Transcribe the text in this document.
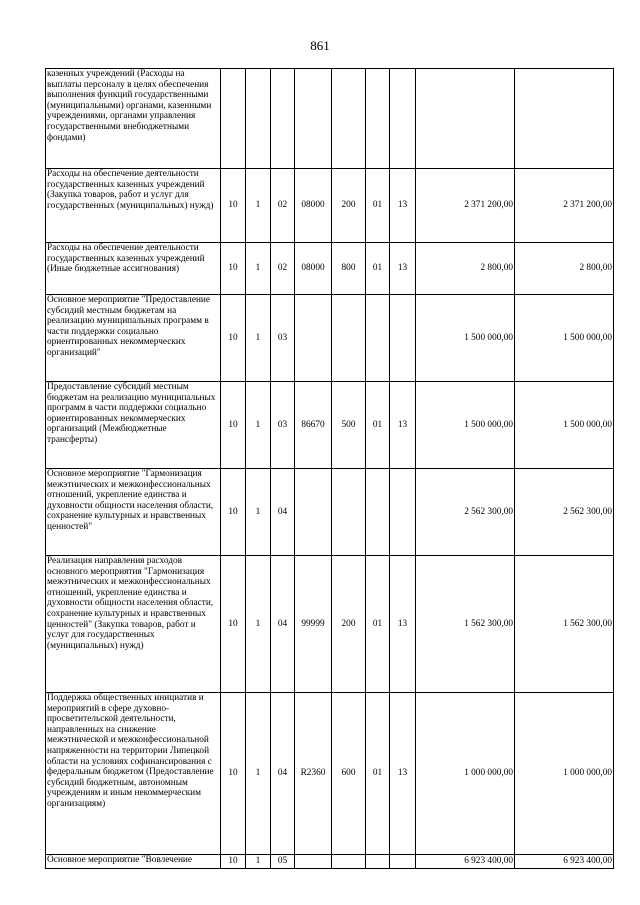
861
казенных учреждений (Расходы на выплаты персоналу в целях обеспечения выполнения функций государственными (муниципальными) органами, казенными учреждениями, органами управления государственными внебюджетными фондами)									
Расходы на обеспечение деятельности государственных казенных учреждений (Закупка товаров, работ и услуг для государственных (муниципальных) нужд)	10	1	02	08000	200	01	13	2 371 200,00	2 371 200,00
Расходы на обеспечение деятельности государственных казенных учреждений (Иные бюджетные ассигнования)	10	1	02	08000	800	01	13	2 800,00	2 800,00
Основное мероприятие "Предоставление субсидий местным бюджетам на реализацию муниципальных программ в части поддержки социально ориентированных некоммерческих организаций"	10	1	03					1 500 000,00	1 500 000,00
Предоставление субсидий местным бюджетам на реализацию муниципальных программ в части поддержки социально ориентированных некоммерческих организаций (Межбюджетные трансферты)	10	1	03	86670	500	01	13	1 500 000,00	1 500 000,00
Основное мероприятие "Гармонизация межэтнических и межконфессиональных отношений, укрепление единства и духовности общности населения области, сохранение культурных и нравственных ценностей"	10	1	04					2 562 300,00	2 562 300,00
Реализация направления расходов основного мероприятия "Гармонизация межэтнических и межконфессиональных отношений, укрепление единства и духовности общности населения области, сохранение культурных и нравственных ценностей" (Закупка товаров, работ и услуг для государственных (муниципальных) нужд)	10	1	04	99999	200	01	13	1 562 300,00	1 562 300,00
Поддержка общественных инициатив и мероприятий в сфере духовно-просветительской деятельности, направленных на снижение межэтнической и межконфессиональной напряженности на территории Липецкой области на условиях софинансирования с федеральным бюджетом (Предоставление субсидий бюджетным, автономным учреждениям и иным некоммерческим организациям)	10	1	04	R2360	600	01	13	1 000 000,00	1 000 000,00
Основное мероприятие "Вовлечение	10	1	05					6 923 400,00	6 923 400,00
